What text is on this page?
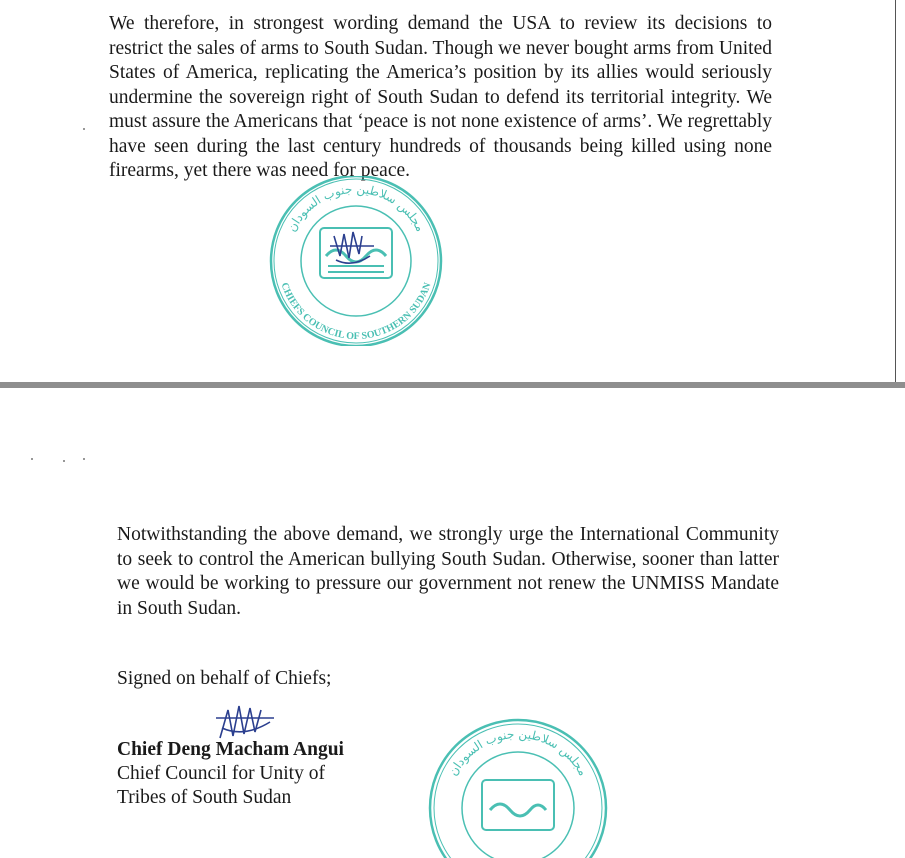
We therefore, in strongest wording demand the USA to review its decisions to restrict the sales of arms to South Sudan. Though we never bought arms from United States of America, replicating the America’s position by its allies would seriously undermine the sovereign right of South Sudan to defend its territorial integrity. We must assure the Americans that ‘peace is not none existence of arms’. We regrettably have seen during the last century hundreds of thousands being killed using none firearms, yet there was need for peace.

مجلس سلاطين جنوب السودان
CHIEFS COUNCIL OF SOUTHERN SUDAN

Notwithstanding the above demand, we strongly urge the International Community to seek to control the American bullying South Sudan. Otherwise, sooner than latter we would be working to pressure our government not renew the UNMISS Mandate in South Sudan.

Signed on behalf of Chiefs;

Chief Deng Macham Angui
Chief Council for Unity of
Tribes of South Sudan
مجلس سلاطين جنوب السودان
